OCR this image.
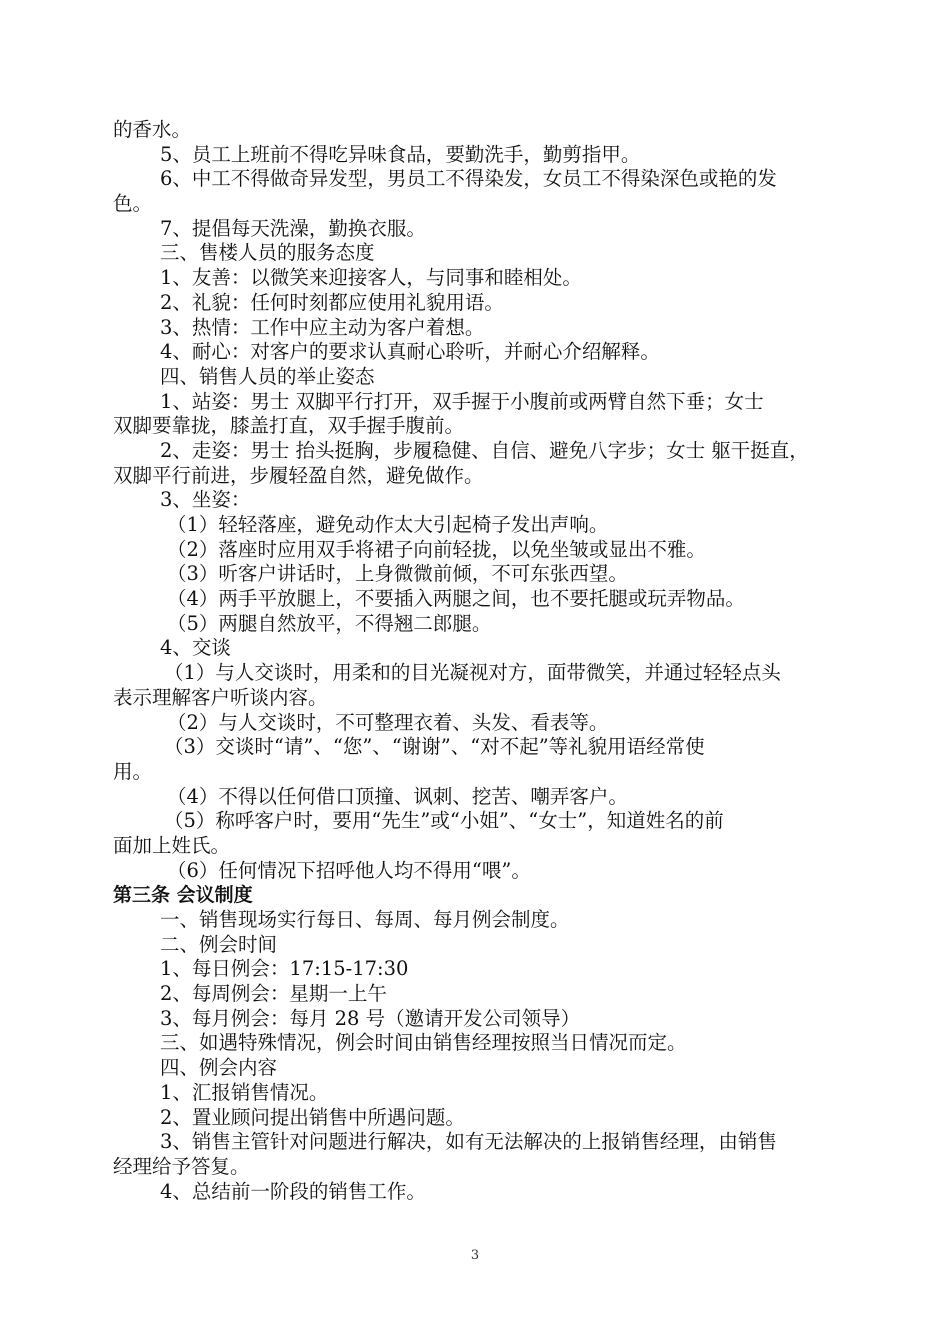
的香水。
5、员工上班前不得吃异味食品，要勤洗手，勤剪指甲。
6、中工不得做奇异发型，男员工不得染发，女员工不得染深色或艳的发
色。
7、提倡每天洗澡，勤换衣服。
三、售楼人员的服务态度
1、友善：以微笑来迎接客人，与同事和睦相处。
2、礼貌：任何时刻都应使用礼貌用语。
3、热情：工作中应主动为客户着想。
4、耐心：对客户的要求认真耐心聆听，并耐心介绍解释。
四、销售人员的举止姿态
1、站姿：男士 双脚平行打开，双手握于小腹前或两臂自然下垂；女士
双脚要靠拢，膝盖打直，双手握手腹前。
2、走姿：男士 抬头挺胸，步履稳健、自信、避免八字步；女士 躯干挺直，
双脚平行前进，步履轻盈自然，避免做作。
3、坐姿：
（1）轻轻落座，避免动作太大引起椅子发出声响。
（2）落座时应用双手将裙子向前轻拢，以免坐皱或显出不雅。
（3）听客户讲话时，上身微微前倾，不可东张西望。
（4）两手平放腿上，不要插入两腿之间，也不要托腿或玩弄物品。
（5）两腿自然放平，不得翘二郎腿。
4、交谈
（1）与人交谈时，用柔和的目光凝视对方，面带微笑，并通过轻轻点头
表示理解客户听谈内容。
（2）与人交谈时，不可整理衣着、头发、看表等。
（3）交谈时“请”、“您”、“谢谢”、“对不起”等礼貌用语经常使
用。
（4）不得以任何借口顶撞、讽刺、挖苦、嘲弄客户。
（5）称呼客户时，要用“先生”或“小姐”、“女士”，知道姓名的前
面加上姓氏。
（6）任何情况下招呼他人均不得用“喂”。
第三条 会议制度
一、销售现场实行每日、每周、每月例会制度。
二、例会时间
1、每日例会：17:15-17:30
2、每周例会：星期一上午
3、每月例会：每月 28 号（邀请开发公司领导）
三、如遇特殊情况，例会时间由销售经理按照当日情况而定。
四、例会内容
1、汇报销售情况。
2、置业顾问提出销售中所遇问题。
3、销售主管针对问题进行解决，如有无法解决的上报销售经理，由销售
经理给予答复。
4、总结前一阶段的销售工作。
3
